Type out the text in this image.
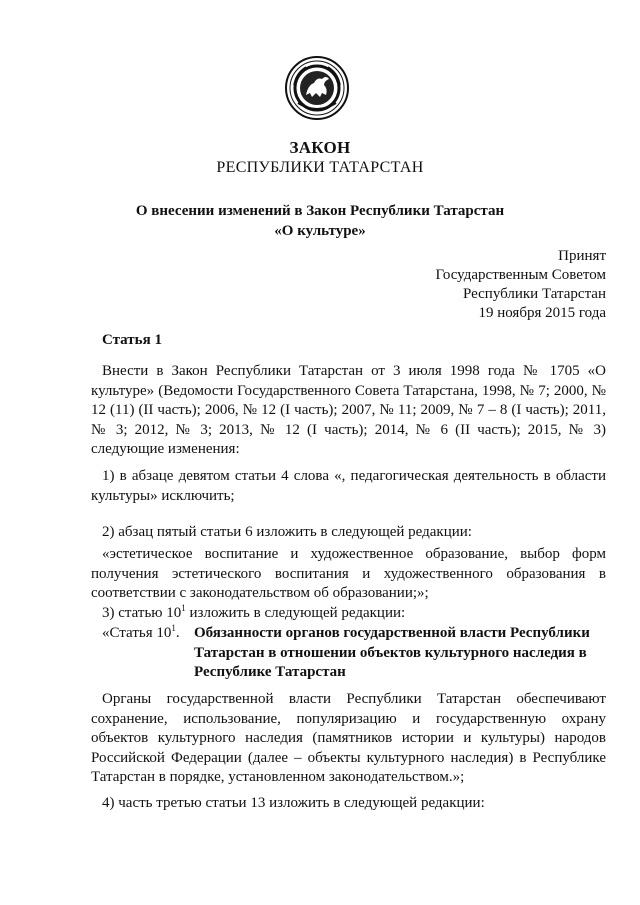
ЗАКОН
РЕСПУБЛИКИ ТАТАРСТАН
О внесении изменений в Закон Республики Татарстан
«О культуре»
Принят
Государственным Советом
Республики Татарстан
19 ноября 2015 года
Статья 1
Внести в Закон Республики Татарстан от 3 июля 1998 года № 1705 «О культуре» (Ведомости Государственного Совета Татарстана, 1998, № 7; 2000, № 12 (11) (II часть); 2006, № 12 (I часть); 2007, № 11; 2009, № 7 – 8 (I часть); 2011, № 3; 2012, № 3; 2013, № 12 (I часть); 2014, № 6 (II часть); 2015, № 3) следующие изменения:
1) в абзаце девятом статьи 4 слова «, педагогическая деятельность в области культуры» исключить;
2) абзац пятый статьи 6 изложить в следующей редакции:
«эстетическое воспитание и художественное образование, выбор форм получения эстетического воспитания и художественного образования в соответствии с законодательством об образовании;»;
3) статью $10^1$ изложить в следующей редакции:
«Статья $10^1$. Обязанности органов государственной власти Республики Татарстан в отношении объектов культурного наследия в Республике Татарстан
Органы государственной власти Республики Татарстан обеспечивают сохранение, использование, популяризацию и государственную охрану объектов культурного наследия (памятников истории и культуры) народов Российской Федерации (далее – объекты культурного наследия) в Республике Татарстан в порядке, установленном законодательством.»;
4) часть третью статьи 13 изложить в следующей редакции:
